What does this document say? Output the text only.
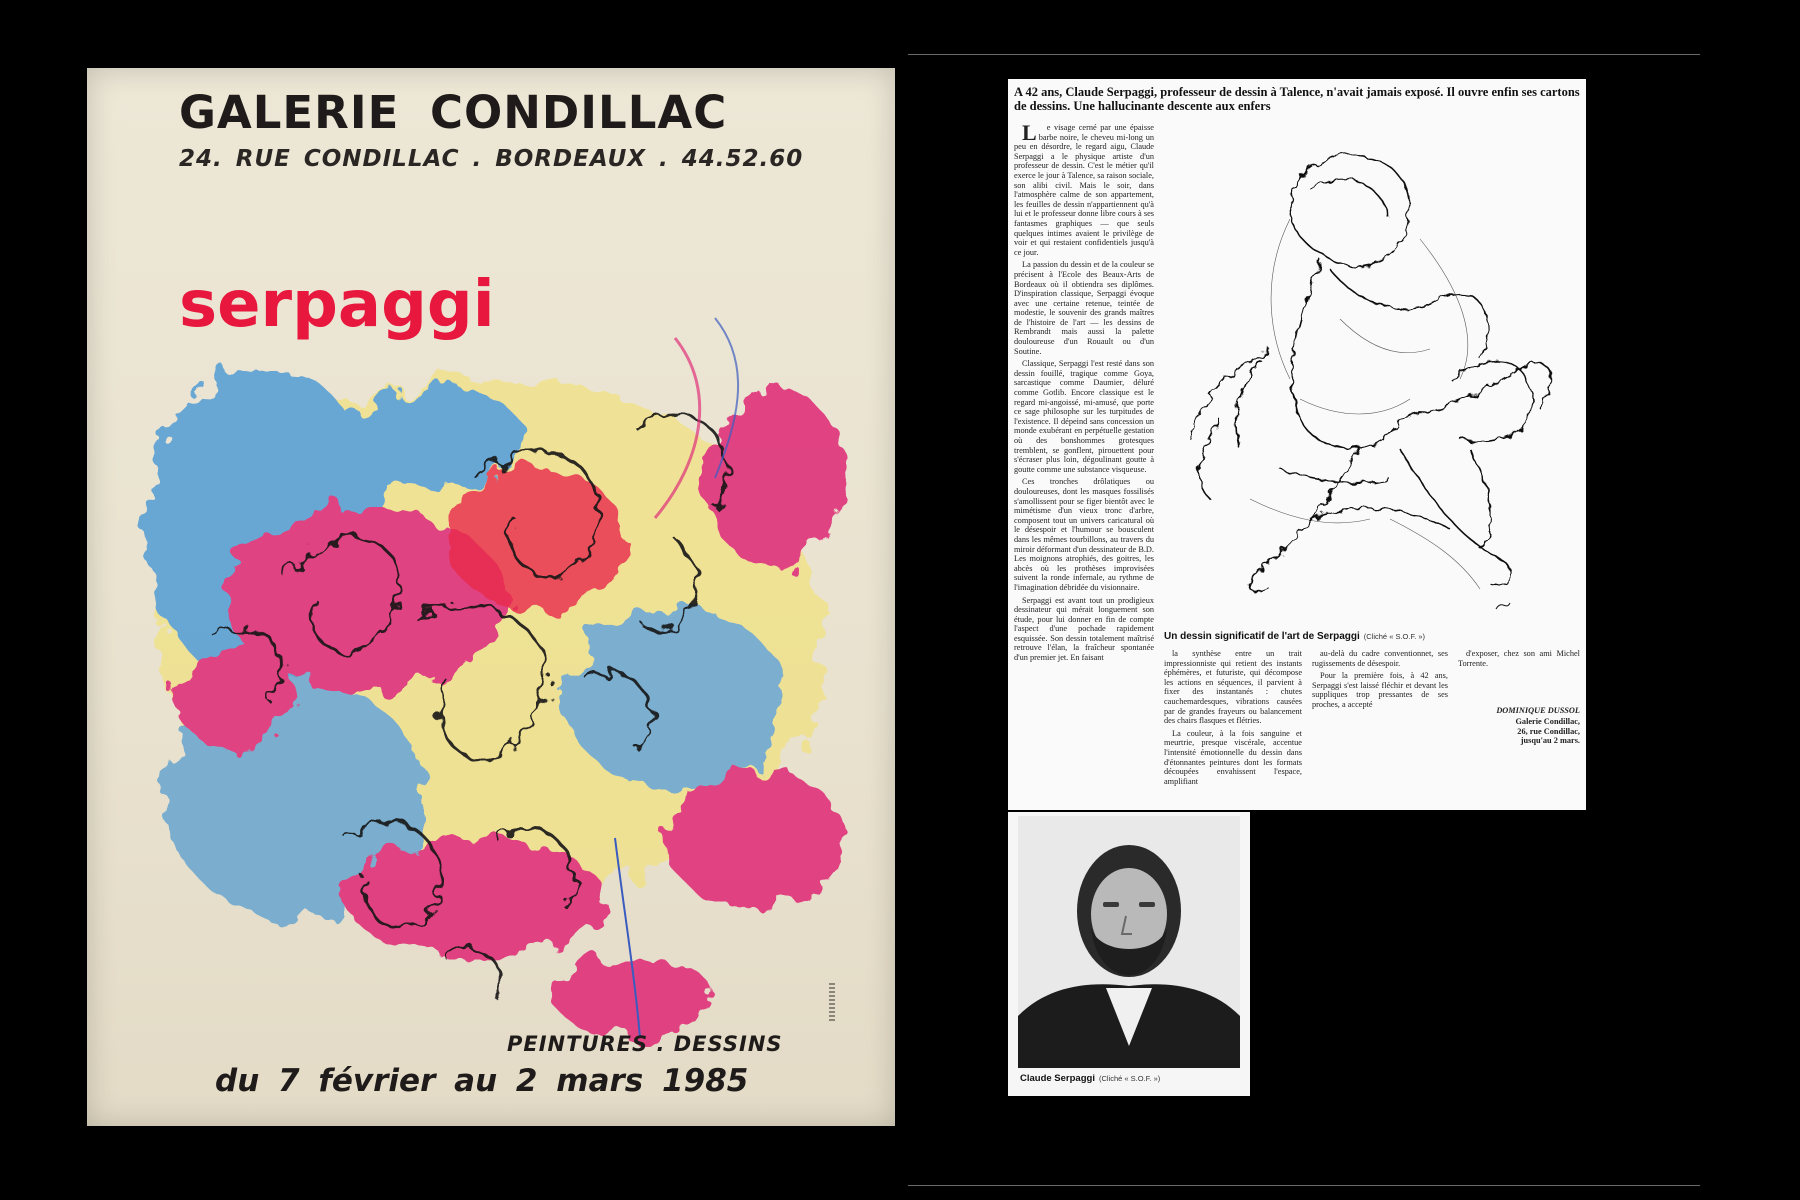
GALERIE CONDILLAC

24. RUE CONDILLAC . BORDEAUX . 44.52.60

serpaggi

PEINTURES . DESSINS

du 7 février au 2 mars 1985

A 42 ans, Claude Serpaggi, professeur de dessin à Talence, n'avait jamais exposé. Il ouvre enfin ses cartons de dessins. Une hallucinante descente aux enfers

Le visage cerné par une épaisse barbe noire, le cheveu mi-long un peu en désordre, le regard aigu, Claude Serpaggi a le physique artiste d'un professeur de dessin. C'est le métier qu'il exerce le jour à Talence, sa raison sociale, son alibi civil. Mais le soir, dans l'atmosphère calme de son appartement, les feuilles de dessin n'appartiennent qu'à lui et le professeur donne libre cours à ses fantasmes graphiques — que seuls quelques intimes avaient le privilège de voir et qui restaient confidentiels jusqu'à ce jour.

La passion du dessin et de la couleur se précisent à l'Ecole des Beaux-Arts de Bordeaux où il obtiendra ses diplômes. D'inspiration classique, Serpaggi évoque avec une certaine retenue, teintée de modestie, le souvenir des grands maîtres de l'histoire de l'art — les dessins de Rembrandt mais aussi la palette douloureuse d'un Rouault ou d'un Soutine.

Classique, Serpaggi l'est resté dans son dessin fouillé, tragique comme Goya, sarcastique comme Daumier, déluré comme Gotlib. Encore classique est le regard mi-angoissé, mi-amusé, que porte ce sage philosophe sur les turpitudes de l'existence. Il dépeind sans concession un monde exubérant en perpétuelle gestation où des bonshommes grotesques tremblent, se gonflent, pirouettent pour s'écraser plus loin, dégoulinant goutte à goutte comme une substance visqueuse.

Ces tronches drôlatiques ou douloureuses, dont les masques fossilisés s'amollissent pour se figer bientôt avec le mimétisme d'un vieux tronc d'arbre, composent tout un univers caricatural où le désespoir et l'humour se bousculent dans les mêmes tourbillons, au travers du miroir déformant d'un dessinateur de B.D. Les moignons atrophiés, des goitres, les abcès où les prothèses improvisées suivent la ronde infernale, au rythme de l'imagination débridée du visionnaire.

Serpaggi est avant tout un prodigieux dessinateur qui mérait longuement son étude, pour lui donner en fin de compte l'aspect d'une pochade rapidement esquissée. Son dessin totalement maîtrisé retrouve l'élan, la fraîcheur spontanée d'un premier jet. En faisant

Un dessin significatif de l'art de Serpaggi (Cliché « S.O.F. »)

la synthèse entre un trait impressionniste qui retient des instants éphémères, et futuriste, qui décompose les actions en séquences, il parvient à fixer des instantanés : chutes cauchemardesques, vibrations causées par de grandes frayeurs ou balancement des chairs flasques et flétries.

La couleur, à la fois sanguine et meurtrie, presque viscérale, accentue l'intensité émotionnelle du dessin dans d'étonnantes peintures dont les formats découpées envahissent l'espace, amplifiant

au-delà du cadre conventionnet, ses rugissements de désespoir.

Pour la première fois, à 42 ans, Serpaggi s'est laissé fléchir et devant les suppliques trop pressantes de ses proches, a accepté

d'exposer, chez son ami Michel Torrente.

DOMINIQUE DUSSOL

Galerie Condillac,
26, rue Condillac,
jusqu'au 2 mars.

Claude Serpaggi (Cliché « S.O.F. »)
